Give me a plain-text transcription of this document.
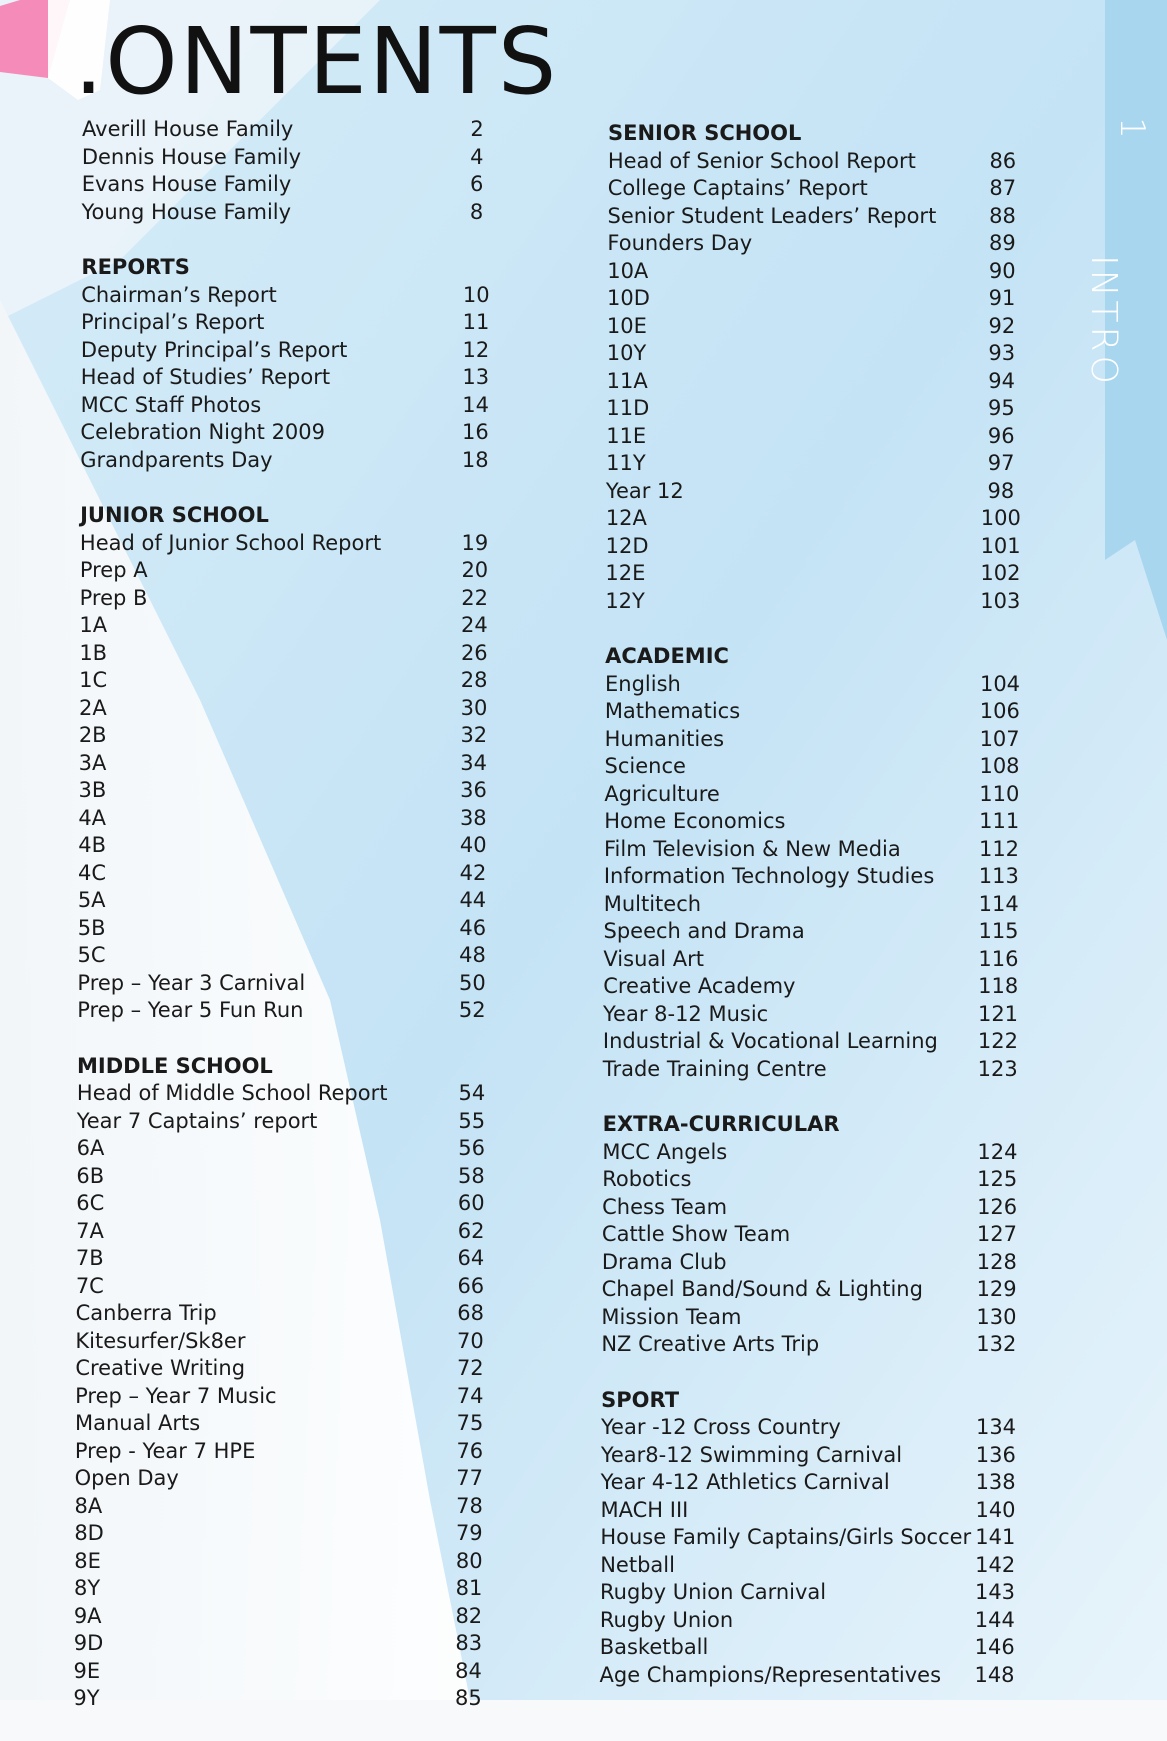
.ONTENTS
1
INTRO
Averill House Family	2
Dennis House Family	4
Evans House Family	6
Young House Family	8
REPORTS
Chairman’s Report	10
Principal’s Report	11
Deputy Principal’s Report	12
Head of Studies’ Report	13
MCC Staff Photos	14
Celebration Night 2009	16
Grandparents Day	18
JUNIOR SCHOOL
Head of Junior School Report	19
Prep A	20
Prep B	22
1A	24
1B	26
1C	28
2A	30
2B	32
3A	34
3B	36
4A	38
4B	40
4C	42
5A	44
5B	46
5C	48
Prep – Year 3 Carnival	50
Prep – Year 5 Fun Run	52
MIDDLE SCHOOL
Head of Middle School Report	54
Year 7 Captains’ report	55
6A	56
6B	58
6C	60
7A	62
7B	64
7C	66
Canberra Trip	68
Kitesurfer/Sk8er	70
Creative Writing	72
Prep – Year 7 Music	74
Manual Arts	75
Prep - Year 7 HPE	76
Open Day	77
8A	78
8D	79
8E	80
8Y	81
9A	82
9D	83
9E	84
9Y	85
SENIOR SCHOOL
Head of Senior School Report	86
College Captains’ Report	87
Senior Student Leaders’ Report	88
Founders Day	89
10A	90
10D	91
10E	92
10Y	93
11A	94
11D	95
11E	96
11Y	97
Year 12	98
12A	100
12D	101
12E	102
12Y	103
ACADEMIC
English	104
Mathematics	106
Humanities	107
Science	108
Agriculture	110
Home Economics	111
Film Television & New Media	112
Information Technology Studies	113
Multitech	114
Speech and Drama	115
Visual Art	116
Creative Academy	118
Year 8-12 Music	121
Industrial & Vocational Learning	122
Trade Training Centre	123
EXTRA-CURRICULAR
MCC Angels	124
Robotics	125
Chess Team	126
Cattle Show Team	127
Drama Club	128
Chapel Band/Sound & Lighting	129
Mission Team	130
NZ Creative Arts Trip	132
SPORT
Year -12 Cross Country	134
Year8-12 Swimming Carnival	136
Year 4-12 Athletics Carnival	138
MACH III	140
House Family Captains/Girls Soccer 141
Netball	142
Rugby Union Carnival	143
Rugby Union	144
Basketball	146
Age Champions/Representatives	148
